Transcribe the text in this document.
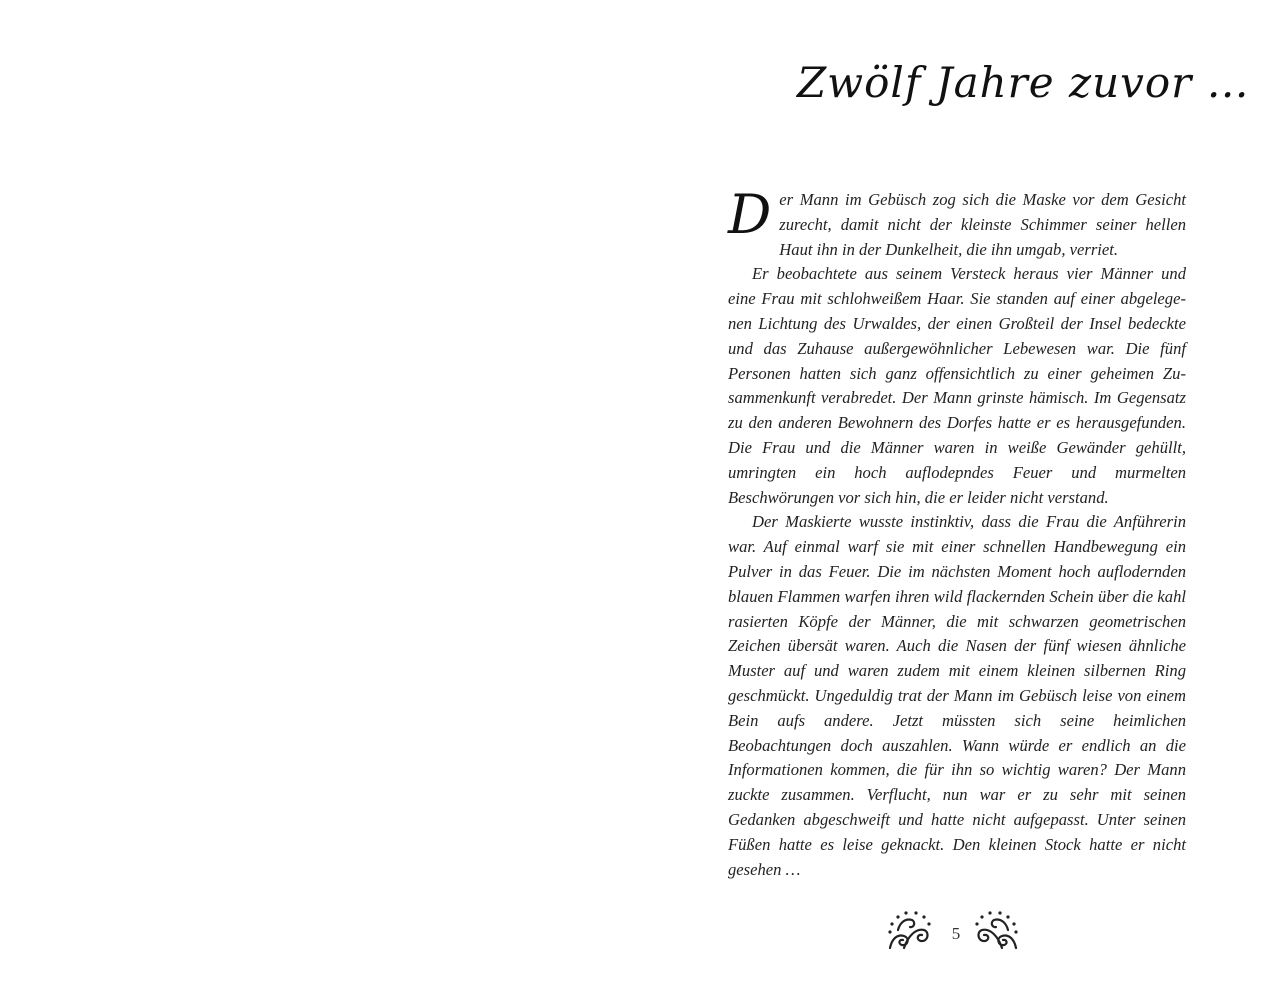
Zwölf Jahre zuvor …

Der Mann im Gebüsch zog sich die Maske vor dem Gesicht zurecht, damit nicht der kleinste Schimmer seiner hellen Haut ihn in der Dunkelheit, die ihn umgab, verriet.

Er beobachtete aus seinem Versteck heraus vier Männer und eine Frau mit schlohweißem Haar. Sie standen auf einer abgelegenen Lichtung des Urwaldes, der einen Großteil der Insel bedeckte und das Zuhause außergewöhnlicher Lebewesen war. Die fünf Personen hatten sich ganz offensichtlich zu einer geheimen Zusammenkunft verabredet. Der Mann grinste hämisch. Im Gegensatz zu den anderen Bewohnern des Dorfes hatte er es herausgefunden. Die Frau und die Männer waren in weiße Gewänder gehüllt, umringten ein hoch auflodерndes Feuer und murmelten Beschwörungen vor sich hin, die er leider nicht verstand.

Der Maskierte wusste instinktiv, dass die Frau die Anführerin war. Auf einmal warf sie mit einer schnellen Handbewegung ein Pulver in das Feuer. Die im nächsten Moment hoch auflodernden blauen Flammen warfen ihren wild flackernden Schein über die kahl rasierten Köpfe der Männer, die mit schwarzen geometrischen Zeichen übersät waren. Auch die Nasen der fünf wiesen ähnliche Muster auf und waren zudem mit einem kleinen silbernen Ring geschmückt. Ungeduldig trat der Mann im Gebüsch leise von einem Bein aufs andere. Jetzt müssten sich seine heimlichen Beobachtungen doch auszahlen. Wann würde er endlich an die Informationen kommen, die für ihn so wichtig waren? Der Mann zuckte zusammen. Verflucht, nun war er zu sehr mit seinen Gedanken abgeschweift und hatte nicht aufgepasst. Unter seinen Füßen hatte es leise geknackt. Den kleinen Stock hatte er nicht gesehen …

5
